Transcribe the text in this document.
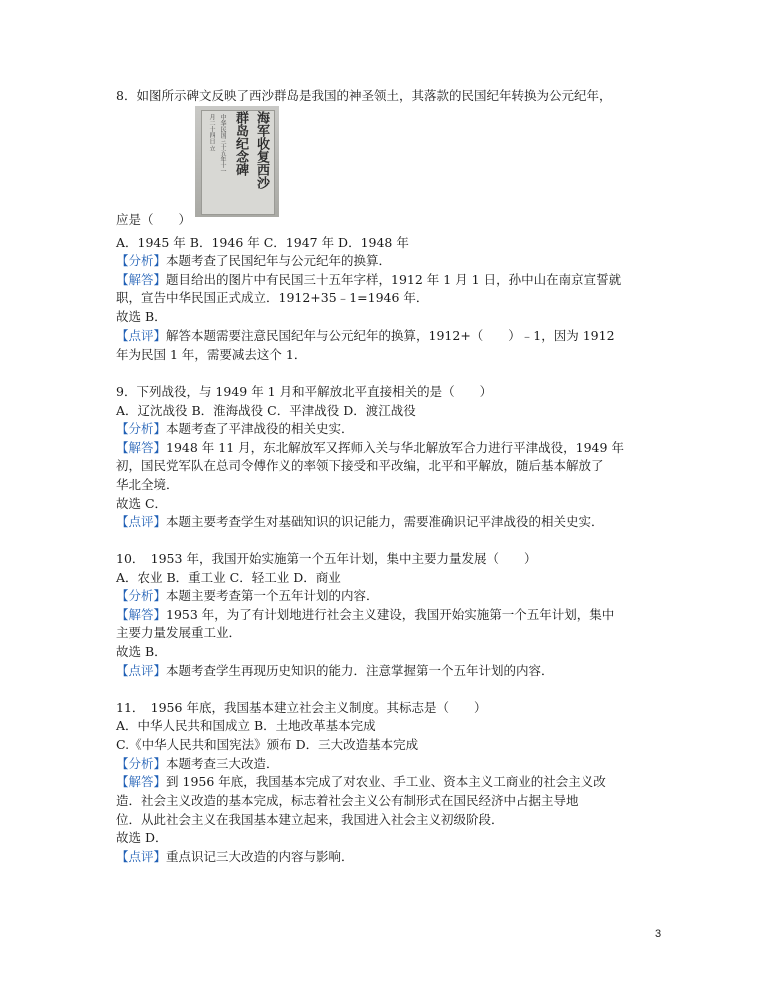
8．如图所示碑文反映了西沙群岛是我国的神圣领土，其落款的民国纪年转换为公元纪年，
海军收复西沙
群岛纪念碑
中华民国三十五年十一
月二十四日 立
应是（　　）
A．1945 年 B．1946 年 C．1947 年 D．1948 年
【分析】本题考查了民国纪年与公元纪年的换算．
【解答】题目给出的图片中有民国三十五年字样，1912 年 1 月 1 日，孙中山在南京宣誓就
职，宣告中华民国正式成立．1912+35﹣1=1946 年．
故选 B．
【点评】解答本题需要注意民国纪年与公元纪年的换算，1912+（　　）﹣1，因为 1912
年为民国 1 年，需要减去这个 1．
9．下列战役，与 1949 年 1 月和平解放北平直接相关的是（　　）
A．辽沈战役 B．淮海战役 C．平津战役 D．渡江战役
【分析】本题考查了平津战役的相关史实．
【解答】1948 年 11 月，东北解放军又挥师入关与华北解放军合力进行平津战役，1949 年
初，国民党军队在总司令傅作义的率领下接受和平改编，北平和平解放，随后基本解放了
华北全境．
故选 C．
【点评】本题主要考查学生对基础知识的识记能力，需要准确识记平津战役的相关史实．
10．　1953 年，我国开始实施第一个五年计划，集中主要力量发展（　　）
A．农业 B．重工业 C．轻工业 D．商业
【分析】本题主要考查第一个五年计划的内容．
【解答】1953 年，为了有计划地进行社会主义建设，我国开始实施第一个五年计划，集中
主要力量发展重工业．
故选 B．
【点评】本题考查学生再现历史知识的能力．注意掌握第一个五年计划的内容．
11．　1956 年底，我国基本建立社会主义制度。其标志是（　　）
A．中华人民共和国成立 B．土地改革基本完成
C.《中华人民共和国宪法》颁布 D．三大改造基本完成
【分析】本题考查三大改造．
【解答】到 1956 年底，我国基本完成了对农业、手工业、资本主义工商业的社会主义改
造．社会主义改造的基本完成，标志着社会主义公有制形式在国民经济中占据主导地
位．从此社会主义在我国基本建立起来，我国进入社会主义初级阶段．
故选 D．
【点评】重点识记三大改造的内容与影响．
3
